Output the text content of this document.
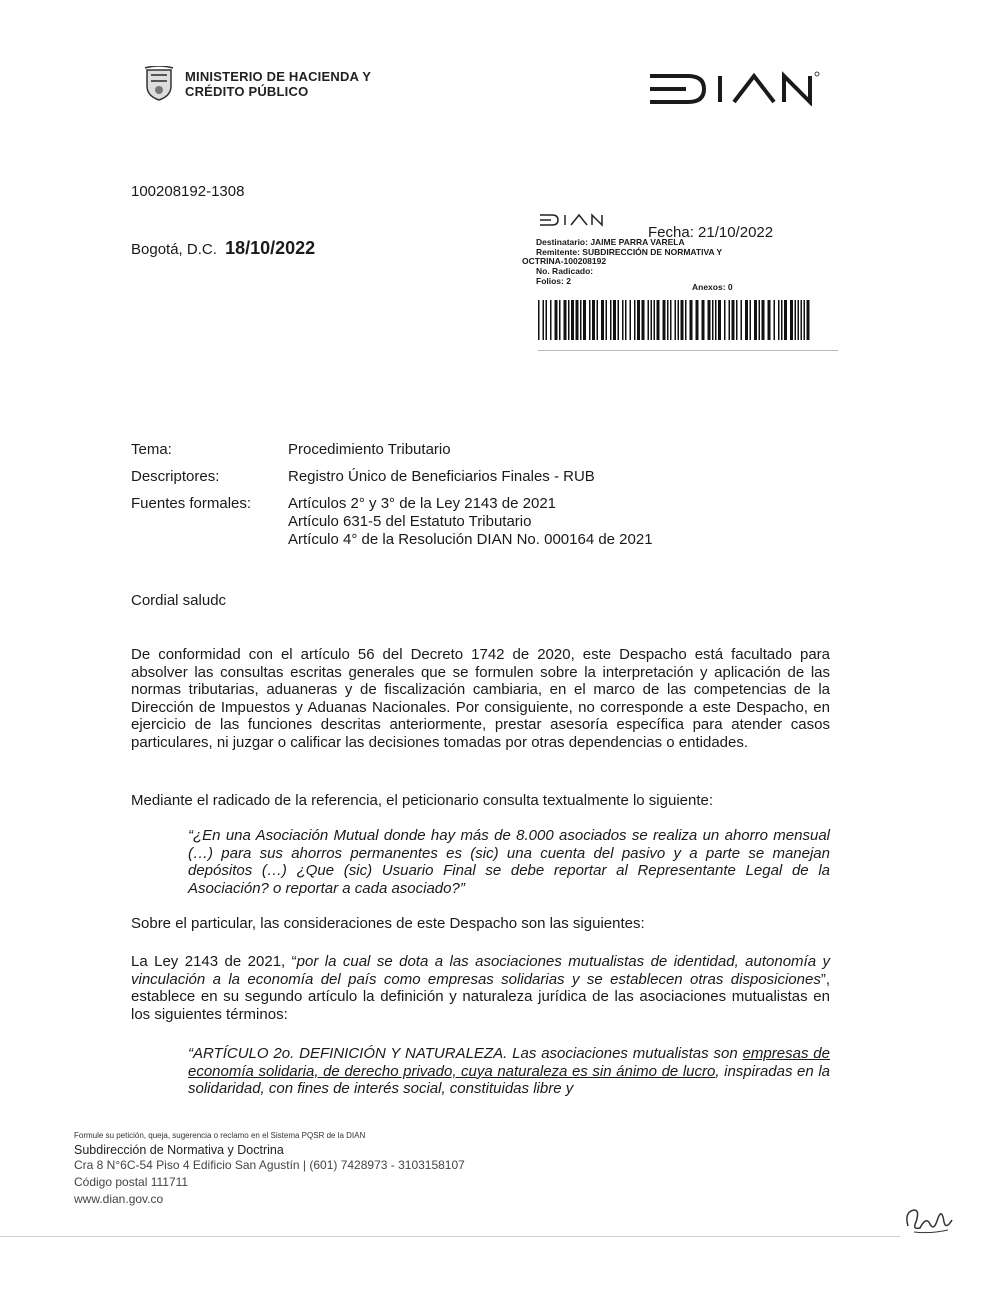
MINISTERIO DE HACIENDA Y
CRÉDITO PÚBLICO
100208192-1308
Bogotá, D.C. 18/10/2022
Fecha: 21/10/2022
Destinatario: JAIME PARRA VARELA
Remitente: SUBDIRECCIÓN DE NORMATIVA Y
OCTRINA-100208192
No. Radicado:
Folios: 2
Anexos: 0
Tema:	Procedimiento Tributario
Descriptores:	Registro Único de Beneficiarios Finales - RUB
Fuentes formales: Artículos 2° y 3° de la Ley 2143 de 2021
Artículo 631-5 del Estatuto Tributario
Artículo 4° de la Resolución DIAN No. 000164 de 2021
Cordial saludc
De conformidad con el artículo 56 del Decreto 1742 de 2020, este Despacho está facultado para absolver las consultas escritas generales que se formulen sobre la interpretación y aplicación de las normas tributarias, aduaneras y de fiscalización cambiaria, en el marco de las competencias de la Dirección de Impuestos y Aduanas Nacionales. Por consiguiente, no corresponde a este Despacho, en ejercicio de las funciones descritas anteriormente, prestar asesoría específica para atender casos particulares, ni juzgar o calificar las decisiones tomadas por otras dependencias o entidades.
Mediante el radicado de la referencia, el peticionario consulta textualmente lo siguiente:
“¿En una Asociación Mutual donde hay más de 8.000 asociados se realiza un ahorro mensual (…) para sus ahorros permanentes es (sic) una cuenta del pasivo y a parte se manejan depósitos (…) ¿Que (sic) Usuario Final se debe reportar al Representante Legal de la Asociación? o reportar a cada asociado?”
Sobre el particular, las consideraciones de este Despacho son las siguientes:
La Ley 2143 de 2021, “por la cual se dota a las asociaciones mutualistas de identidad, autonomía y vinculación a la economía del país como empresas solidarias y se establecen otras disposiciones”, establece en su segundo artículo la definición y naturaleza jurídica de las asociaciones mutualistas en los siguientes términos:
“ARTÍCULO 2o. DEFINICIÓN Y NATURALEZA. Las asociaciones mutualistas son empresas de economía solidaria, de derecho privado, cuya naturaleza es sin ánimo de lucro, inspiradas en la solidaridad, con fines de interés social, constituidas libre y
Formule su petición, queja, sugerencia o reclamo en el Sistema PQSR de la DIAN
Subdirección de Normativa y Doctrina
Cra 8 N°6C-54 Piso 4 Edificio San Agustín | (601) 7428973 - 3103158107
Código postal 111711
www.dian.gov.co
